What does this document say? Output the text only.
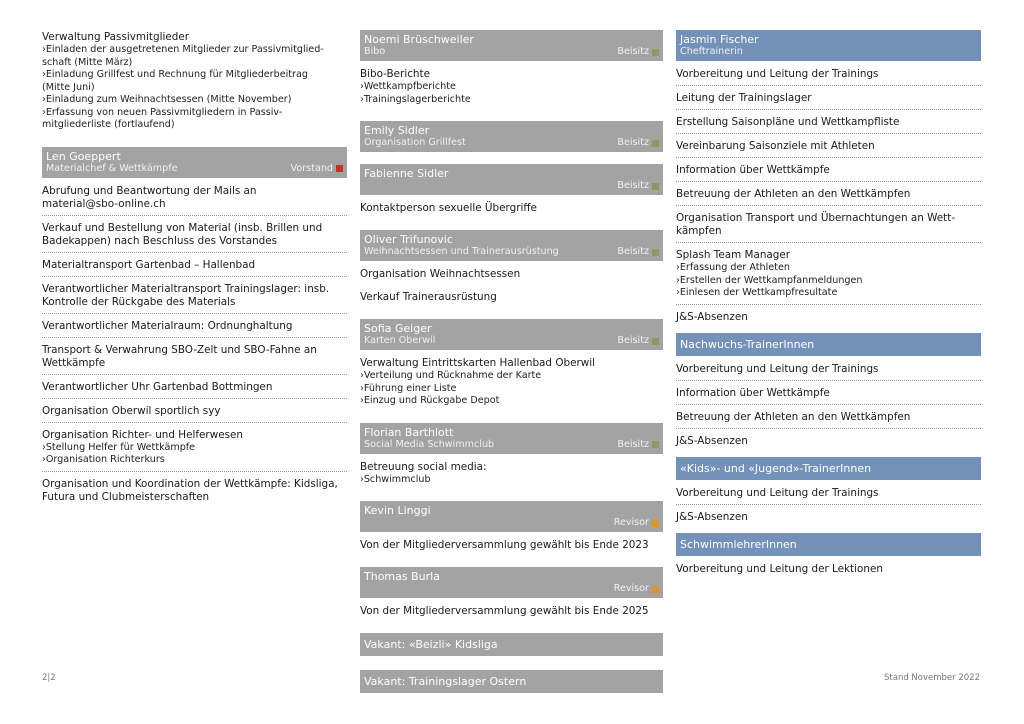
Verwaltung Passivmitglieder
›Einladen der ausgetretenen Mitglieder zur Passivmitglied-
schaft (Mitte März)
›Einladung Grillfest und Rechnung für Mitgliederbeitrag
(Mitte Juni)
›Einladung zum Weihnachtsessen (Mitte November)
›Erfassung von neuen Passivmitgliedern in Passiv-
mitgliederliste (fortlaufend)
Len Goeppert
Materialchef & Wettkämpfe	Vorstand
Abrufung und Beantwortung der Mails an
material@sbo-online.ch
Verkauf und Bestellung von Material (insb. Brillen und
Badekappen) nach Beschluss des Vorstandes
Materialtransport Gartenbad – Hallenbad
Verantwortlicher Materialtransport Trainingslager: insb.
Kontrolle der Rückgabe des Materials
Verantwortlicher Materialraum: Ordnunghaltung
Transport & Verwahrung SBO-Zelt und SBO-Fahne an
Wettkämpfe
Verantwortlicher Uhr Gartenbad Bottmingen
Organisation Oberwil sportlich syy
Organisation Richter- und Helferwesen
›Stellung Helfer für Wettkämpfe
›Organisation Richterkurs
Organisation und Koordination der Wettkämpfe: Kidsliga,
Futura und Clubmeisterschaften
Noemi Brüschweiler
Bibo	Beisitz
Bibo-Berichte
›Wettkampfberichte
›Trainingslagerberichte
Emily Sidler
Organisation Grillfest	Beisitz
Fabienne Sidler
Beisitz
Kontaktperson sexuelle Übergriffe
Oliver Trifunovic
Weihnachtsessen und Trainerausrüstung	Beisitz
Organisation Weihnachtsessen
Verkauf Trainerausrüstung
Sofia Geiger
Karten Oberwil	Beisitz
Verwaltung Eintrittskarten Hallenbad Oberwil
›Verteilung und Rücknahme der Karte
›Führung einer Liste
›Einzug und Rückgabe Depot
Florian Barthlott
Social Media Schwimmclub	Beisitz
Betreuung social media:
›Schwimmclub
Kevin Linggi
Revisor
Von der Mitgliederversammlung gewählt bis Ende 2023
Thomas Burla
Revisor
Von der Mitgliederversammlung gewählt bis Ende 2025
Vakant: «Beizli» Kidsliga
Vakant: Trainingslager Ostern
Jasmin Fischer
Cheftrainerin
Vorbereitung und Leitung der Trainings
Leitung der Trainingslager
Erstellung Saisonpläne und Wettkampfliste
Vereinbarung Saisonziele mit Athleten
Information über Wettkämpfe
Betreuung der Athleten an den Wettkämpfen
Organisation Transport und Übernachtungen an Wett-
kämpfen
Splash Team Manager
›Erfassung der Athleten
›Erstellen der Wettkampfanmeldungen
›Einlesen der Wettkampfresultate
J&S-Absenzen
Nachwuchs-TrainerInnen
Vorbereitung und Leitung der Trainings
Information über Wettkämpfe
Betreuung der Athleten an den Wettkämpfen
J&S-Absenzen
«Kids»- und «Jugend»-TrainerInnen
Vorbereitung und Leitung der Trainings
J&S-Absenzen
SchwimmlehrerInnen
Vorbereitung und Leitung der Lektionen
2|2	Stand November 2022
